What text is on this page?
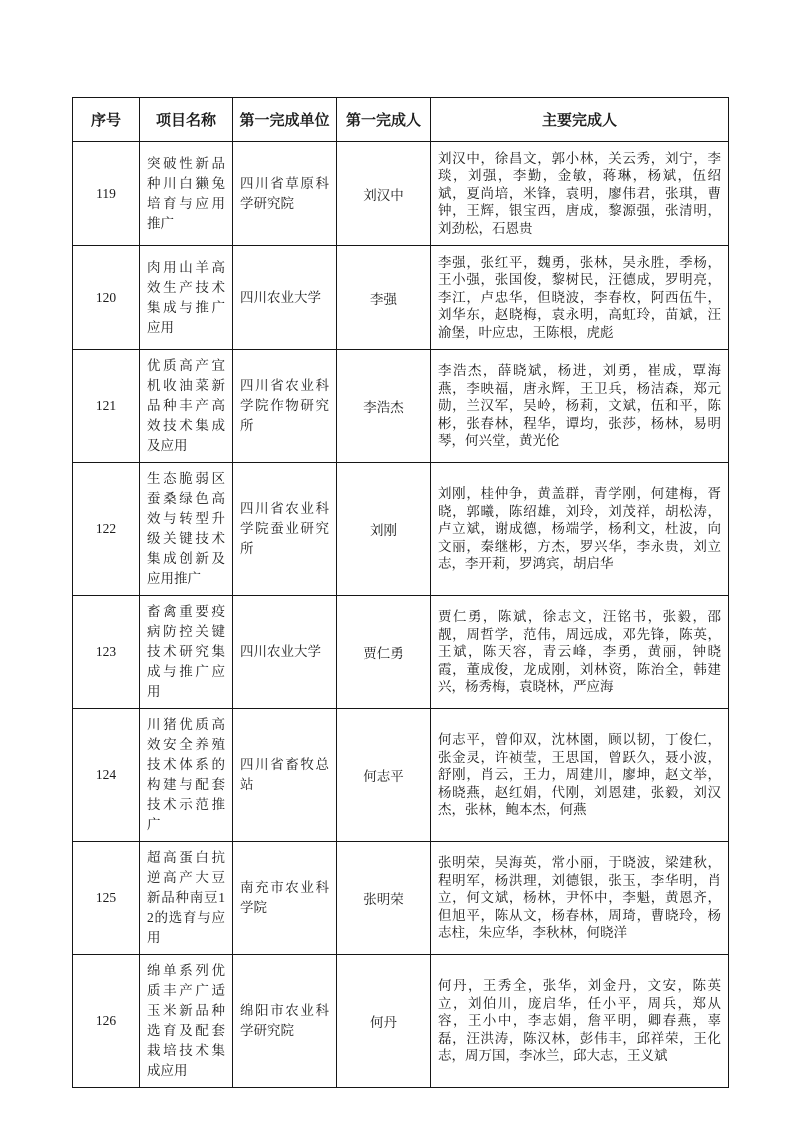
序号	项目名称	第一完成单位	第一完成人	主要完成人
119	突破性新品种川白獭兔培育与应用推广	四川省草原科学研究院	刘汉中	刘汉中，徐昌文，郭小林，关云秀，刘宁，李琰，刘强，李勤，金敏，蒋琳，杨斌，伍绍斌，夏尚培，米锋，袁明，廖伟君，张琪，曹钟，王辉，银宝西，唐成，黎源强，张清明，刘劲松，石恩贵
120	肉用山羊高效生产技术集成与推广应用	四川农业大学	李强	李强，张红平，魏勇，张林，吴永胜，季杨，王小强，张国俊，黎树民，汪德成，罗明亮，李江，卢忠华，但晓波，李春枚，阿西伍牛，刘华东，赵晓梅，袁永明，高虹玲，苗斌，汪渝堡，叶应忠，王陈根，虎彪
121	优质高产宜机收油菜新品种丰产高效技术集成及应用	四川省农业科学院作物研究所	李浩杰	李浩杰，薛晓斌，杨进，刘勇，崔成，覃海燕，李映福，唐永辉，王卫兵，杨洁森，郑元勋，兰汉军，吴岭，杨莉，文斌，伍和平，陈彬，张春林，程华，谭均，张莎，杨林，易明琴，何兴堂，黄光伦
122	生态脆弱区蚕桑绿色高效与转型升级关键技术集成创新及应用推广	四川省农业科学院蚕业研究所	刘刚	刘刚，桂仲争，黄盖群，青学刚，何建梅，胥晓，郭曦，陈绍雄，刘玲，刘茂祥，胡松涛，卢立斌，谢成德，杨端学，杨利文，杜波，向文丽，秦继彬，方杰，罗兴华，李永贵，刘立志，李开莉，罗鸿宾，胡启华
123	畜禽重要疫病防控关键技术研究集成与推广应用	四川农业大学	贾仁勇	贾仁勇，陈斌，徐志文，汪铭书，张毅，邵靓，周哲学，范伟，周远成，邓先锋，陈英，王斌，陈天容，青云峰，李勇，黄丽，钟晓霞，董成俊，龙成刚，刘林资，陈治全，韩建兴，杨秀梅，袁晓林，严应海
124	川猪优质高效安全养殖技术体系的构建与配套技术示范推广	四川省畜牧总站	何志平	何志平，曾仰双，沈林園，顾以韧，丁俊仁，张金灵，许祯莹，王思国，曾跃久，聂小波，舒刚，肖云，王力，周建川，廖坤，赵文举，杨晓燕，赵红娟，代刚，刘恩建，张毅，刘汉杰，张林，鲍本杰，何燕
125	超高蛋白抗逆高产大豆新品种南豆12的选育与应用	南充市农业科学院	张明荣	张明荣，吴海英，常小丽，于晓波，梁建秋，程明军，杨洪理，刘德银，张玉，李华明，肖立，何文斌，杨林，尹怀中，李魁，黄恩齐，但旭平，陈从文，杨春林，周琦，曹晓玲，杨志柱，朱应华，李秋林，何晓洋
126	绵单系列优质丰产广适玉米新品种选育及配套栽培技术集成应用	绵阳市农业科学研究院	何丹	何丹，王秀全，张华，刘金丹，文安，陈英立，刘伯川，庞启华，任小平，周兵，郑从容，王小中，李志娟，詹平明，卿春燕，辜磊，汪洪涛，陈汉林，彭伟丰，邱祥荣，王化志，周万国，李冰兰，邱大志，王义斌
